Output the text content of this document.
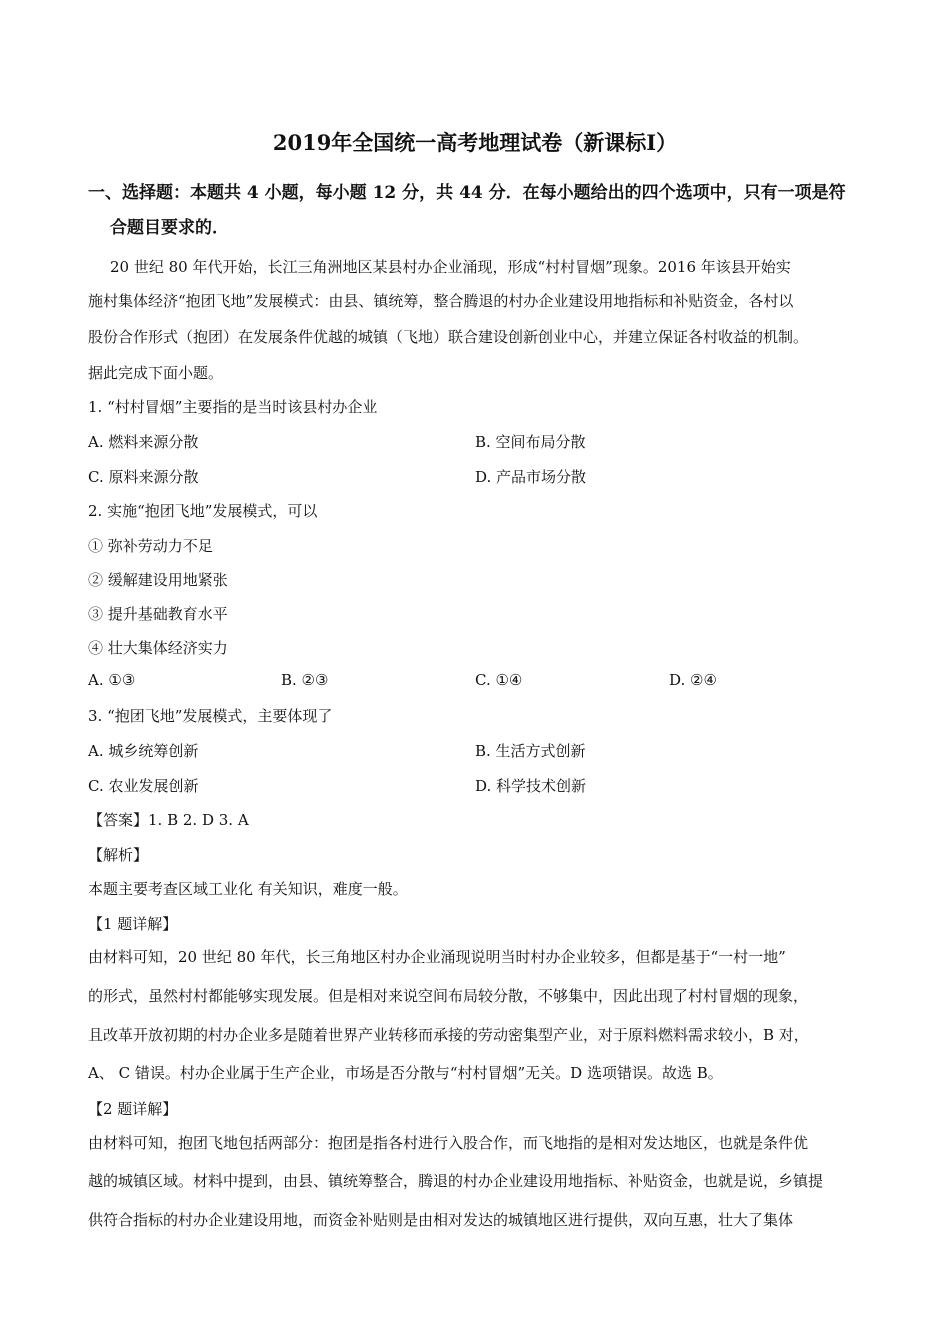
2019年全国统一高考地理试卷（新课标Ⅰ）
一、选择题：本题共 4 小题，每小题 12 分，共 44 分．在每小题给出的四个选项中，只有一项是符
合题目要求的．
20 世纪 80 年代开始，长江三角洲地区某县村办企业涌现，形成“村村冒烟”现象。2016 年该县开始实
施村集体经济“抱团飞地”发展模式：由县、镇统筹，整合腾退的村办企业建设用地指标和补贴资金，各村以
股份合作形式（抱团）在发展条件优越的城镇（飞地）联合建设创新创业中心，并建立保证各村收益的机制。
据此完成下面小题。
1. “村村冒烟”主要指的是当时该县村办企业
A. 燃料来源分散	B. 空间布局分散
C. 原料来源分散	D. 产品市场分散
2. 实施“抱团飞地”发展模式，可以
① 弥补劳动力不足
② 缓解建设用地紧张
③ 提升基础教育水平
④ 壮大集体经济实力
A. ①③	B. ②③	C. ①④	D. ②④
3. “抱团飞地”发展模式，主要体现了
A. 城乡统筹创新	B. 生活方式创新
C. 农业发展创新	D. 科学技术创新
【答案】1. B 2. D 3. A
【解析】
本题主要考查区域工业化 有关知识，难度一般。
【1 题详解】
由材料可知，20 世纪 80 年代，长三角地区村办企业涌现说明当时村办企业较多，但都是基于“一村一地”
的形式，虽然村村都能够实现发展。但是相对来说空间布局较分散，不够集中，因此出现了村村冒烟的现象，
且改革开放初期的村办企业多是随着世界产业转移而承接的劳动密集型产业，对于原料燃料需求较小，B 对，
A、 C 错误。村办企业属于生产企业，市场是否分散与“村村冒烟”无关。D 选项错误。故选 B。
【2 题详解】
由材料可知，抱团飞地包括两部分：抱团是指各村进行入股合作，而飞地指的是相对发达地区，也就是条件优
越的城镇区域。材料中提到，由县、镇统筹整合，腾退的村办企业建设用地指标、补贴资金，也就是说，乡镇提
供符合指标的村办企业建设用地，而资金补贴则是由相对发达的城镇地区进行提供，双向互惠，壮大了集体
